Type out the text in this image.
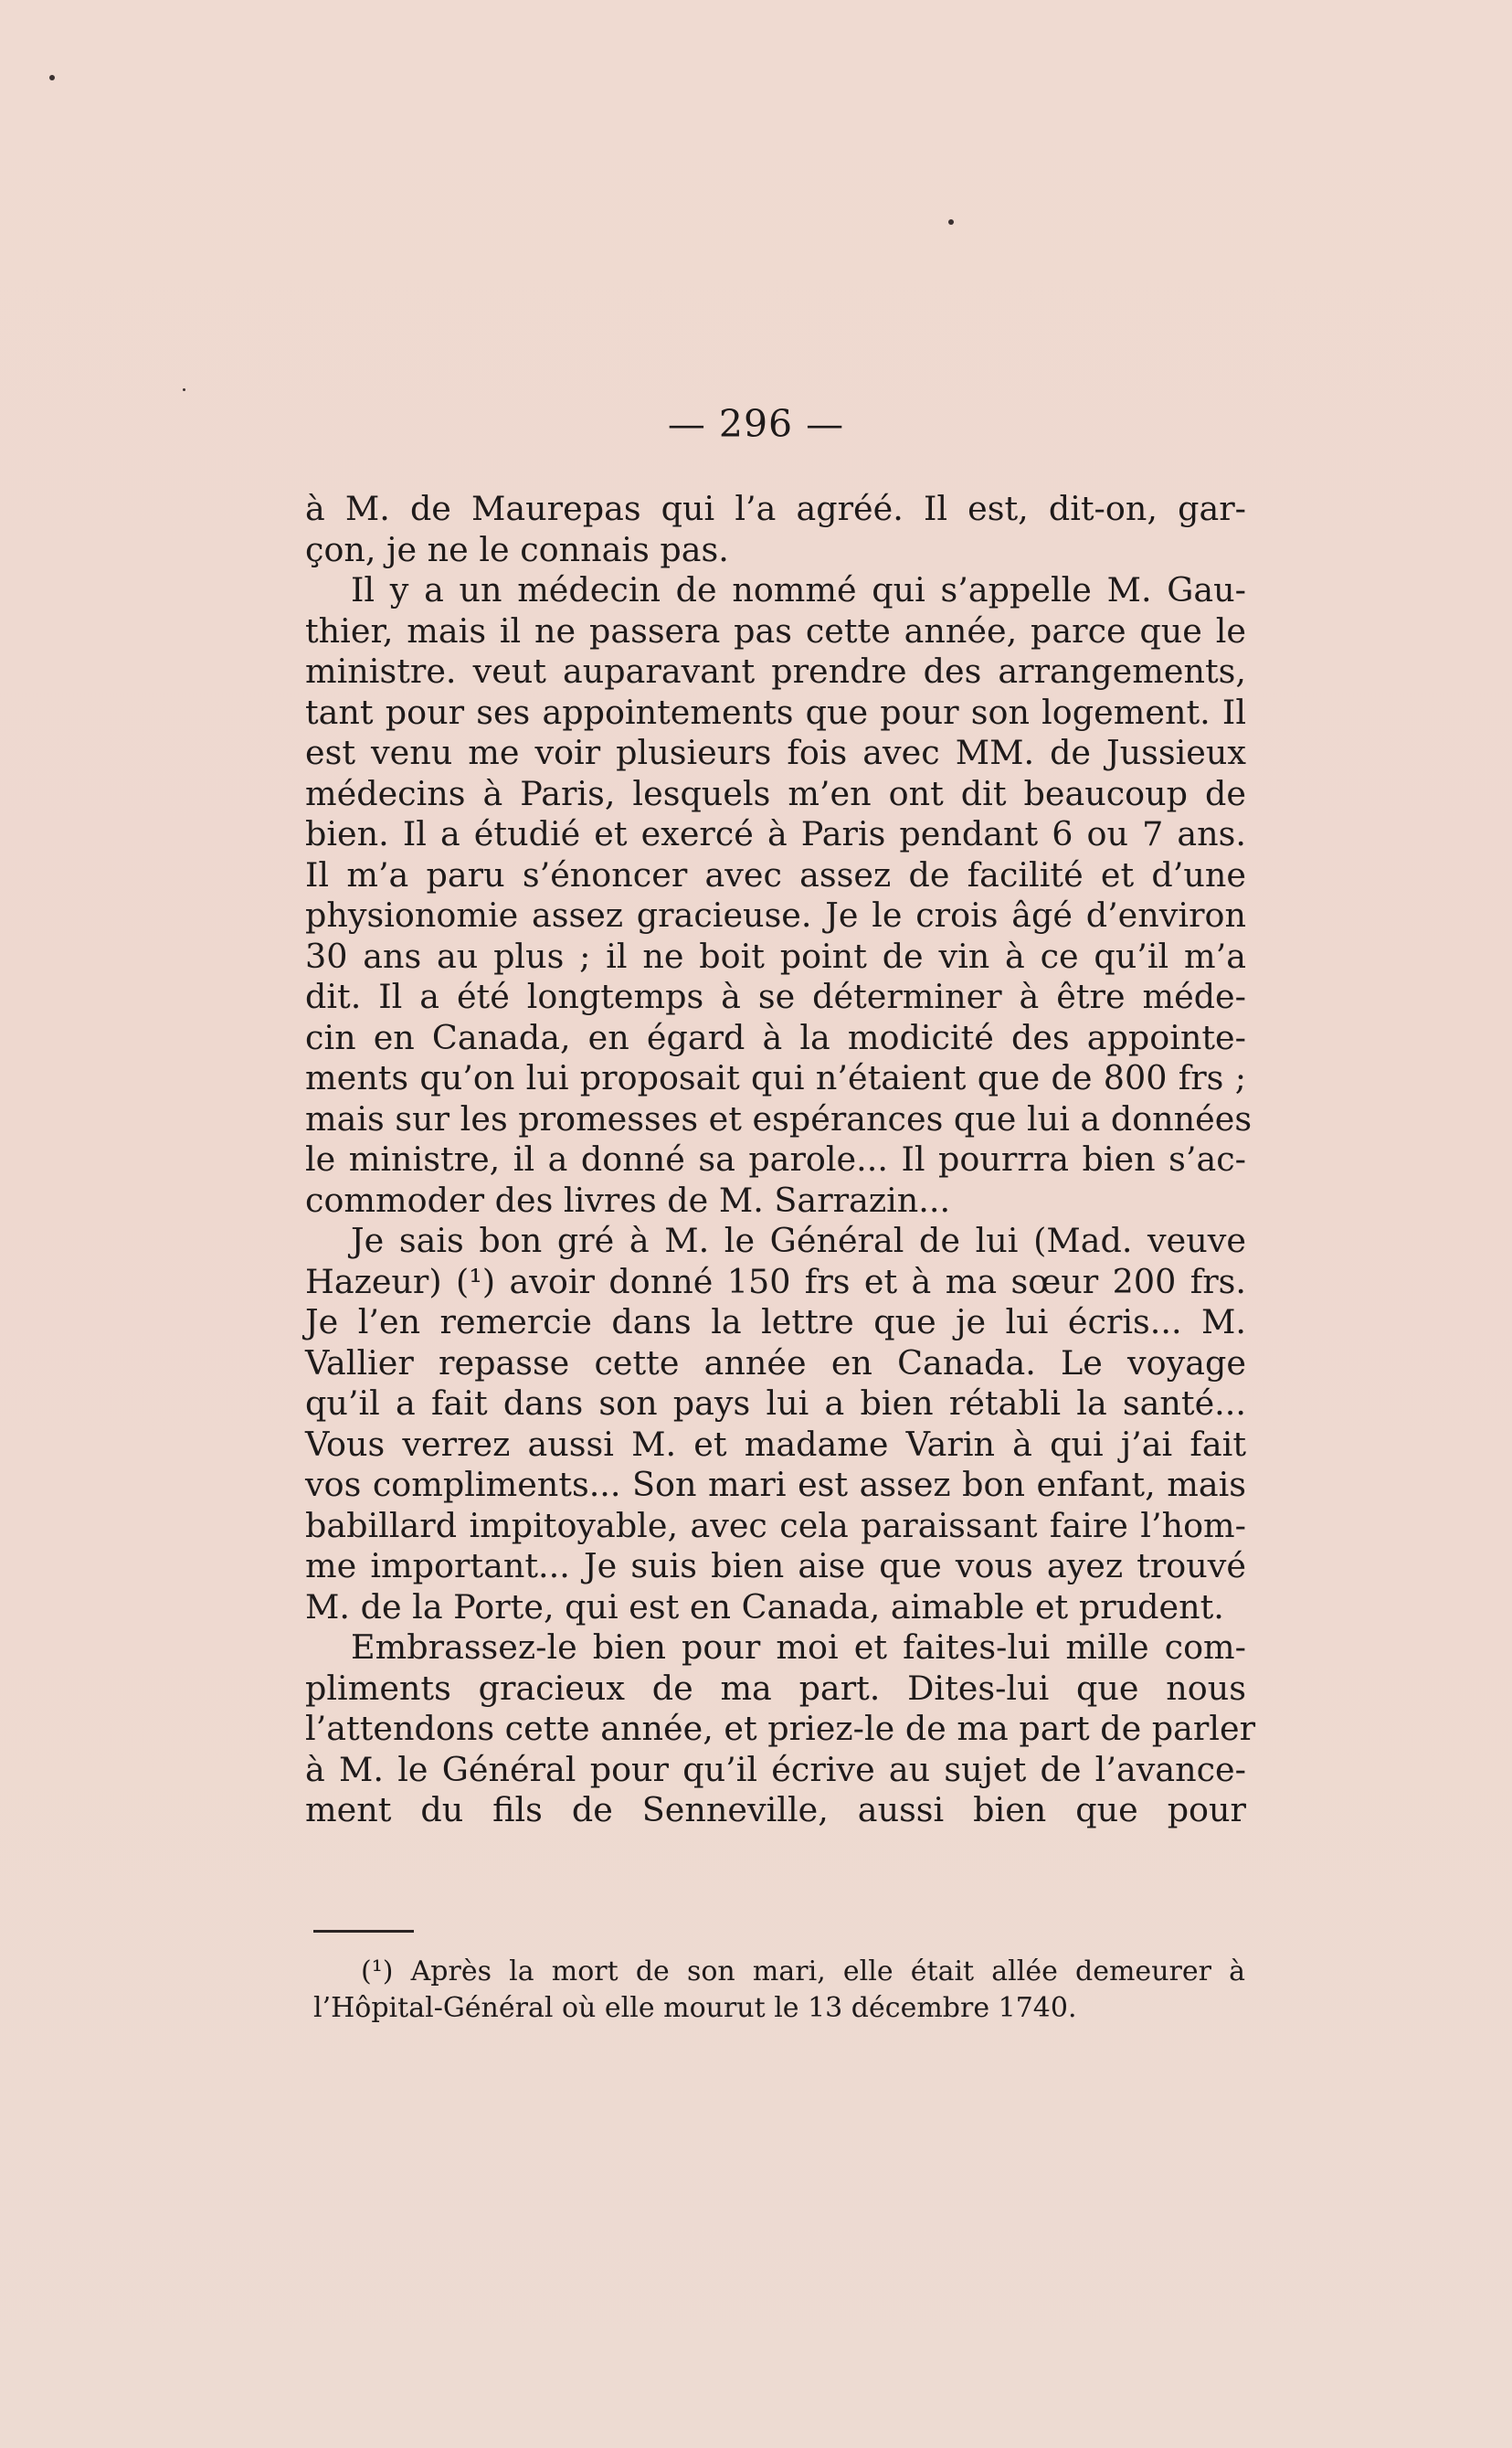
— 296 —
à M. de Maurepas qui l’a agréé. Il est, dit-on, gar-
çon, je ne le connais pas.
Il y a un médecin de nommé qui s’appelle M. Gau-
thier, mais il ne passera pas cette année, parce que le
ministre. veut auparavant prendre des arrangements,
tant pour ses appointements que pour son logement. Il
est venu me voir plusieurs fois avec MM. de Jussieux
médecins à Paris, lesquels m’en ont dit beaucoup de
bien. Il a étudié et exercé à Paris pendant 6 ou 7 ans.
Il m’a paru s’énoncer avec assez de facilité et d’une
physionomie assez gracieuse. Je le crois âgé d’environ
30 ans au plus ; il ne boit point de vin à ce qu’il m’a
dit. Il a été longtemps à se déterminer à être méde-
cin en Canada, en égard à la modicité des appointe-
ments qu’on lui proposait qui n’étaient que de 800 frs ;
mais sur les promesses et espérances que lui a données
le ministre, il a donné sa parole... Il pourrra bien s’ac-
commoder des livres de M. Sarrazin...
Je sais bon gré à M. le Général de lui (Mad. veuve
Hazeur) (¹) avoir donné 150 frs et à ma sœur 200 frs.
Je l’en remercie dans la lettre que je lui écris... M.
Vallier repasse cette année en Canada. Le voyage
qu’il a fait dans son pays lui a bien rétabli la santé...
Vous verrez aussi M. et madame Varin à qui j’ai fait
vos compliments... Son mari est assez bon enfant, mais
babillard impitoyable, avec cela paraissant faire l’hom-
me important... Je suis bien aise que vous ayez trouvé
M. de la Porte, qui est en Canada, aimable et prudent.
Embrassez-le bien pour moi et faites-lui mille com-
pliments gracieux de ma part. Dites-lui que nous
l’attendons cette année, et priez-le de ma part de parler
à M. le Général pour qu’il écrive au sujet de l’avance-
ment du fils de Senneville, aussi bien que pour
(¹) Après la mort de son mari, elle était allée demeurer à
l’Hôpital-Général où elle mourut le 13 décembre 1740.
